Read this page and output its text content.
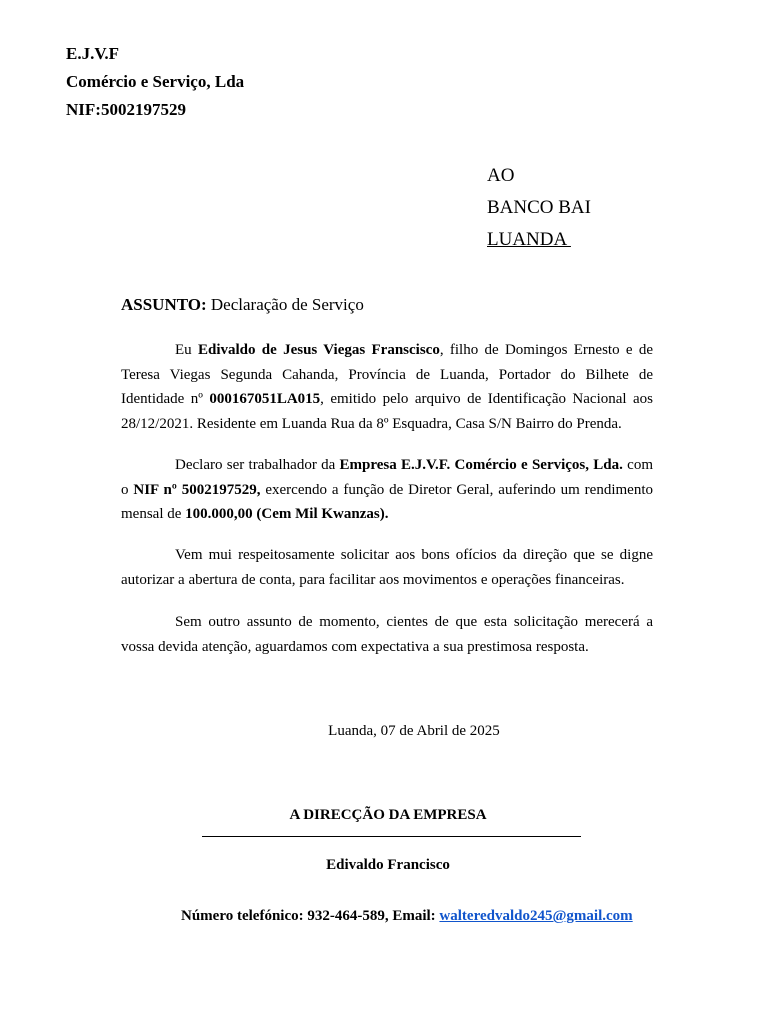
E.J.V.F
Comércio e Serviço, Lda
NIF:5002197529
AO
BANCO BAI
LUANDA
ASSUNTO: Declaração de Serviço

Eu Edivaldo de Jesus Viegas Franscisco, filho de Domingos Ernesto e de Teresa Viegas Segunda Cahanda, Província de Luanda, Portador do Bilhete de Identidade nº 000167051LA015, emitido pelo arquivo de Identificação Nacional aos 28/12/2021. Residente em Luanda Rua da 8º Esquadra, Casa S/N Bairro do Prenda.

Declaro ser trabalhador da Empresa E.J.V.F. Comércio e Serviços, Lda. com o NIF nº 5002197529, exercendo a função de Diretor Geral, auferindo um rendimento mensal de 100.000,00 (Cem Mil Kwanzas).

Vem mui respeitosamente solicitar aos bons ofícios da direção que se digne autorizar a abertura de conta, para facilitar aos movimentos e operações financeiras.

Sem outro assunto de momento, cientes de que esta solicitação merecerá a vossa devida atenção, aguardamos com expectativa a sua prestimosa resposta.

Luanda, 07 de Abril de 2025
A DIRECÇÃO DA EMPRESA
Edivaldo Francisco
Número telefónico: 932-464-589, Email: walteredvaldo245@gmail.com
